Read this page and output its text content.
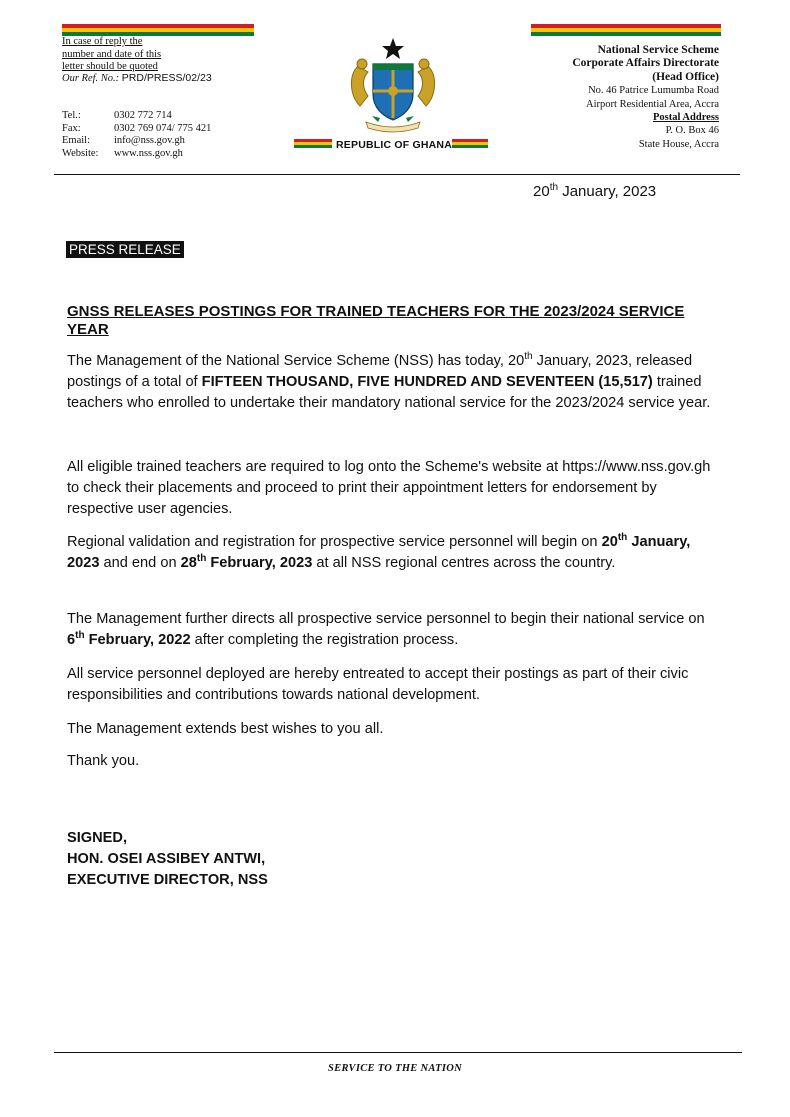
In case of reply the
number and date of this
letter should be quoted
Our Ref. No.: PRD/PRESS/02/23
Tel.:	0302 772 714
Fax:	0302 769 074/ 775 421
Email:	info@nss.gov.gh
Website:	www.nss.gov.gh
REPUBLIC OF GHANA
National Service Scheme
Corporate Affairs Directorate
(Head Office)
No. 46 Patrice Lumumba Road
Airport Residential Area, Accra
Postal Address
P. O. Box 46
State House, Accra
20th January, 2023
PRESS RELEASE
GNSS RELEASES POSTINGS FOR TRAINED TEACHERS FOR THE 2023/2024 SERVICE YEAR
The Management of the National Service Scheme (NSS) has today, 20th January, 2023, released postings of a total of FIFTEEN THOUSAND, FIVE HUNDRED AND SEVENTEEN (15,517) trained teachers who enrolled to undertake their mandatory national service for the 2023/2024 service year.
All eligible trained teachers are required to log onto the Scheme's website at https://www.nss.gov.gh to check their placements and proceed to print their appointment letters for endorsement by respective user agencies.
Regional validation and registration for prospective service personnel will begin on 20th January, 2023 and end on 28th February, 2023 at all NSS regional centres across the country.
The Management further directs all prospective service personnel to begin their national service on 6th February, 2022 after completing the registration process.
All service personnel deployed are hereby entreated to accept their postings as part of their civic responsibilities and contributions towards national development.
The Management extends best wishes to you all.
Thank you.
SIGNED,
HON. OSEI ASSIBEY ANTWI,
EXECUTIVE DIRECTOR, NSS
SERVICE TO THE NATION
